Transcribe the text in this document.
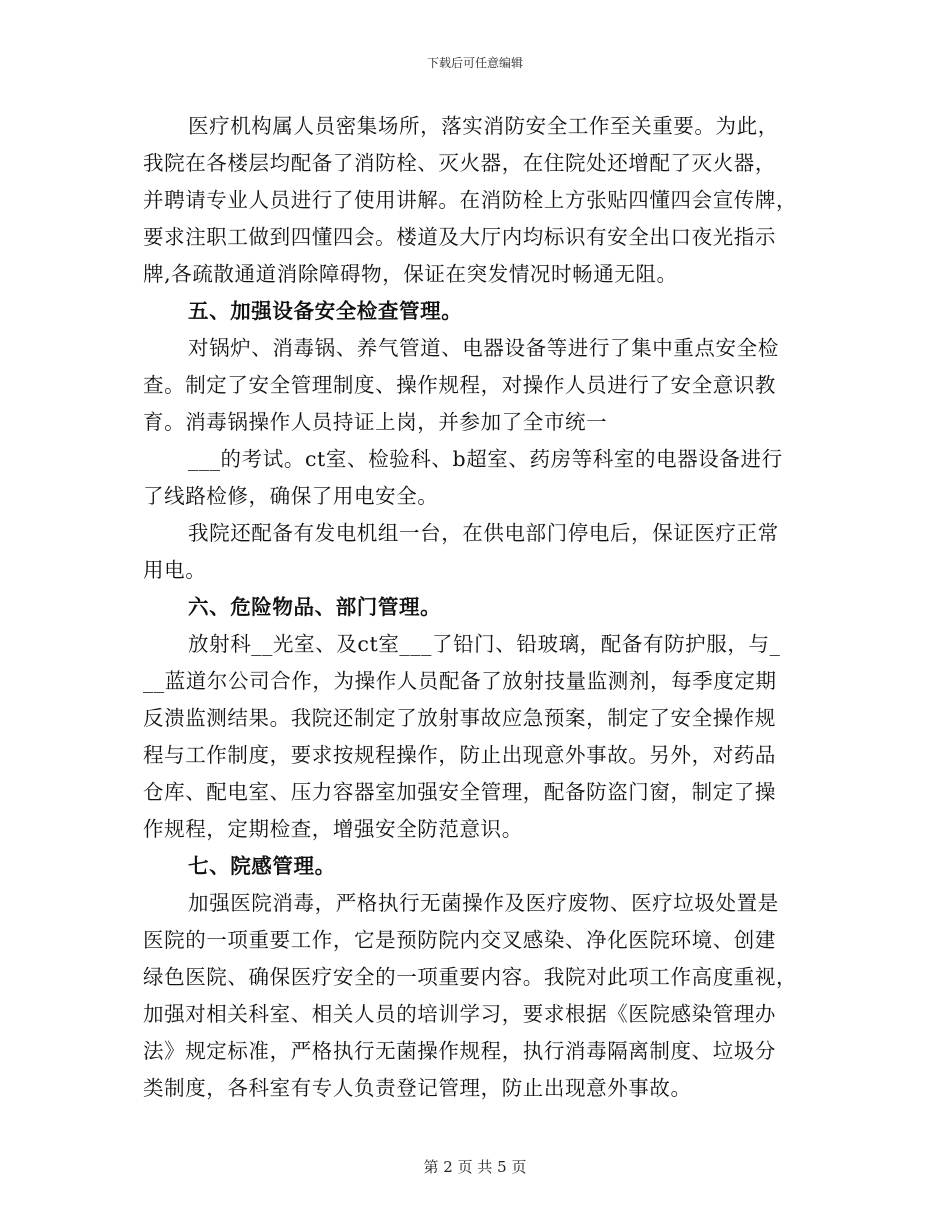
下载后可任意编辑
医疗机构属人员密集场所，落实消防安全工作至关重要。为此，
我院在各楼层均配备了消防栓、灭火器，在住院处还增配了灭火器，
并聘请专业人员进行了使用讲解。在消防栓上方张贴四懂四会宣传牌，
要求注职工做到四懂四会。楼道及大厅内均标识有安全出口夜光指示
牌,各疏散通道消除障碍物，保证在突发情况时畅通无阻。
五、加强设备安全检查管理。
对锅炉、消毒锅、养气管道、电器设备等进行了集中重点安全检
查。制定了安全管理制度、操作规程，对操作人员进行了安全意识教
育。消毒锅操作人员持证上岗，并参加了全市统一
___的考试。ct室、检验科、b超室、药房等科室的电器设备进行
了线路检修，确保了用电安全。
我院还配备有发电机组一台，在供电部门停电后，保证医疗正常
用电。
六、危险物品、部门管理。
放射科__光室、及ct室___了铅门、铅玻璃，配备有防护服，与_
__蓝道尔公司合作，为操作人员配备了放射技量监测剂，每季度定期
反溃监测结果。我院还制定了放射事故应急预案，制定了安全操作规
程与工作制度，要求按规程操作，防止出现意外事故。另外，对药品
仓库、配电室、压力容器室加强安全管理，配备防盗门窗，制定了操
作规程，定期检查，增强安全防范意识。
七、院感管理。
加强医院消毒，严格执行无菌操作及医疗废物、医疗垃圾处置是
医院的一项重要工作，它是预防院内交叉感染、净化医院环境、创建
绿色医院、确保医疗安全的一项重要内容。我院对此项工作高度重视，
加强对相关科室、相关人员的培训学习，要求根据《医院感染管理办
法》规定标准，严格执行无菌操作规程，执行消毒隔离制度、垃圾分
类制度，各科室有专人负责登记管理，防止出现意外事故。
第 2 页 共 5 页
